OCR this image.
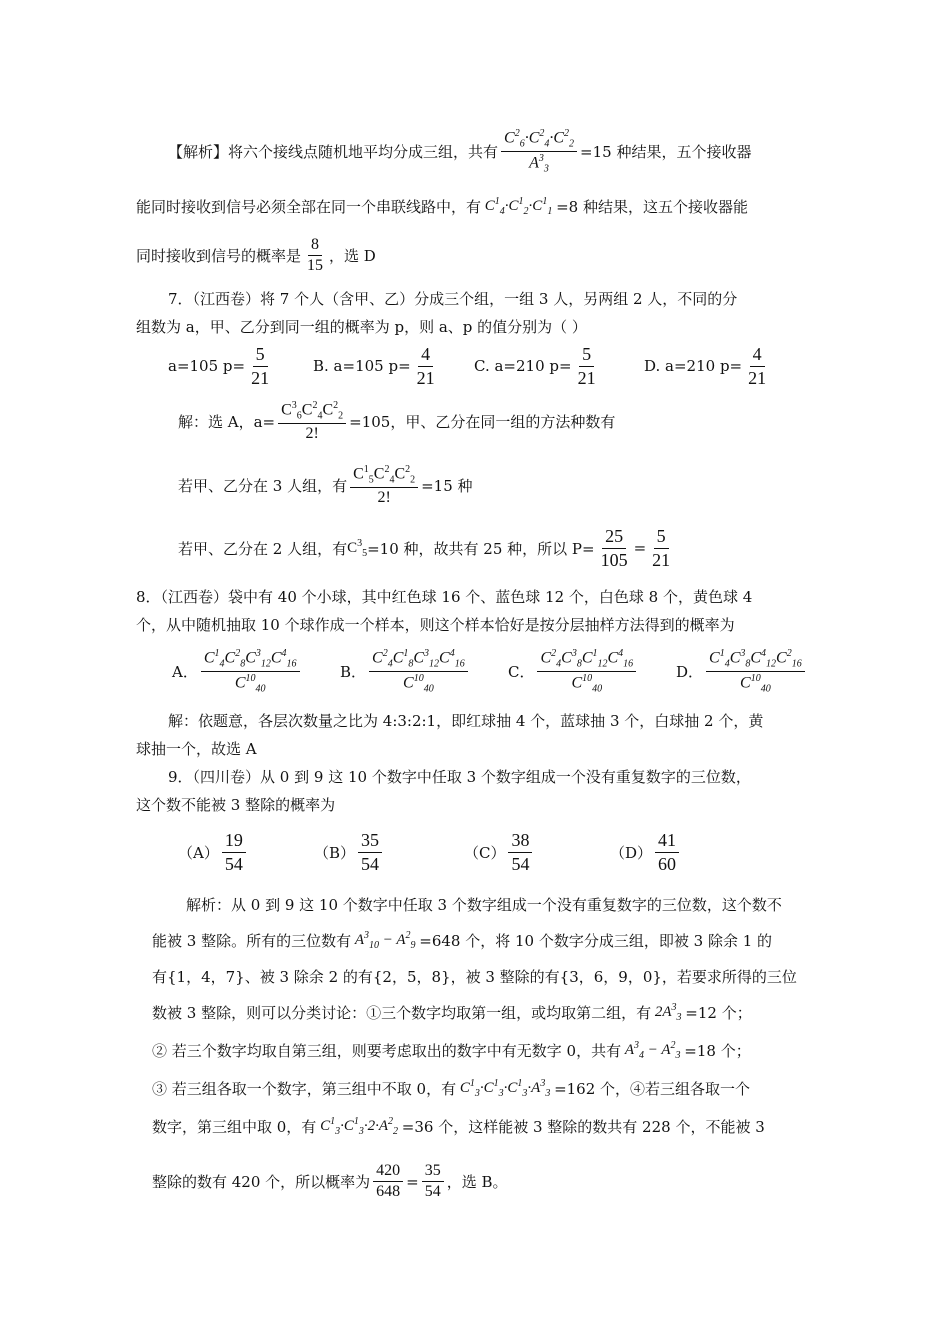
【解析】将六个接线点随机地平均分成三组，共有 $\frac{C^2_6\cdot C^2_4\cdot C^2_2}{A^3_3} =15$ 种结果，五个接收器
能同时接收到信号必须全部在同一个串联线路中，有 $C^1_4\cdot C^1_2\cdot C^1_1 =8$ 种结果，这五个接收器能
同时接收到信号的概率是 $\frac{8}{15}$ ，选 D
7．（江西卷）将 7 个人（含甲、乙）分成三个组，一组 3 人，另两组 2 人，不同的分
组数为 a，甲、乙分到同一组的概率为 p，则 a、p 的值分别为（ ）
a=105 $p= \frac{5}{21}$	B. a=105 $p= \frac{4}{21} C$. a=210 $p= \frac{5}{21}$	D. a=210 $p= \frac{4}{21}$
解：选 A，$a= \frac{C^3_6C^2_4C^2_2}{2!} =105$，甲、乙分在同一组的方法种数有
若甲、乙分在 3 人组，有 $\frac{C^1_5C^2_4C^2_2}{2!} =15$ 种
若甲、乙分在 2 人组，有 $C^3_5 =10$ 种，故共有 25 种，所以 $P= \frac{25}{105} = \frac{5}{21}$
8．（江西卷）袋中有 40 个小球，其中红色球 16 个、蓝色球 12 个，白色球 8 个，黄色球 4
个，从中随机抽取 10 个球作成一个样本，则这个样本恰好是按分层抽样方法得到的概率为
A． $\frac{C^1_4C^2_8C^3_{12}C^4_{16}}{C^{10}_{40}}$	B． $\frac{C^2_4C^1_8C^3_{12}C^4_{16}}{C^{10}_{40}}$	C． $\frac{C^2_4C^3_8C^1_{12}C^4_{16}}{C^{10}_{40}}$	D． $\frac{C^1_4C^3_8C^4_{12}C^2_{16}}{C^{10}_{40}}$
解：依题意，各层次数量之比为 4:3:2:1，即红球抽 4 个，蓝球抽 3 个，白球抽 2 个，黄
球抽一个，故选 A
9．（四川卷）从 0 到 9 这 10 个数字中任取 3 个数字组成一个没有重复数字的三位数，
这个数不能被 3 整除的概率为
$(A) \frac{19}{54}$	$(B) \frac{35}{54}$	$(C) \frac{38}{54}$	$(D) \frac{41}{60}$
解析：从 0 到 9 这 10 个数字中任取 3 个数字组成一个没有重复数字的三位数，这个数不
能被 3 整除。所有的三位数有 $A^3_{10} - A^2_9 =648$ 个，将 10 个数字分成三组，即被 3 除余 1 的
有{1，4，7}、被 3 除余 2 的有{2，5，8}，被 3 整除的有{3，6，9，0}，若要求所得的三位
数被 3 整除，则可以分类讨论：①三个数字均取第一组，或均取第二组，有 $2A^3_3 =12$ 个；
② 若三个数字均取自第三组，则要考虑取出的数字中有无数字 0，共有 $A^3_4 - A^2_3 =18$ 个；
③ 若三组各取一个数字，第三组中不取 0，有 $C^1_3\cdot C^1_3\cdot C^1_3\cdot A^3_3 =162$ 个，④若三组各取一个
数字，第三组中取 0，有 $C^1_3\cdot C^1_3\cdot 2\cdot A^2_2 =36$ 个，这样能被 3 整除的数共有 228 个，不能被 3
整除的数有 420 个，所以概率为 $\frac{420}{648} = \frac{35}{54}$ ，选 B。
